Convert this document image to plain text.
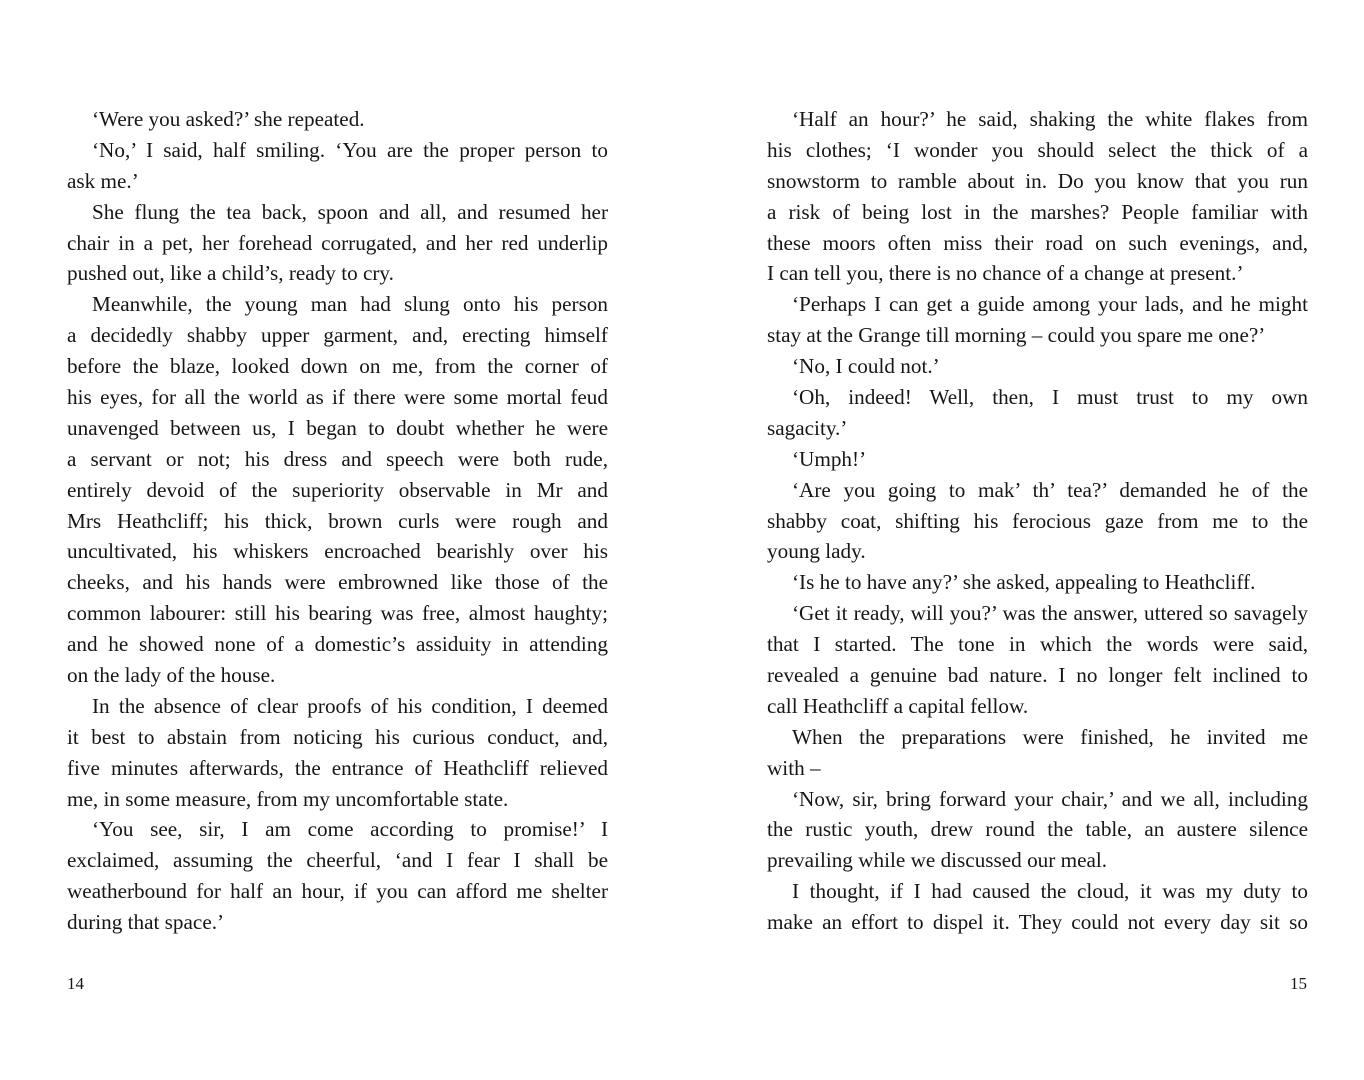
‘Were you asked?’ she repeated.
‘No,’ I said, half smiling. ‘You are the proper person to
ask me.’
She flung the tea back, spoon and all, and resumed her
chair in a pet, her forehead corrugated, and her red underlip
pushed out, like a child’s, ready to cry.
Meanwhile, the young man had slung onto his person
a decidedly shabby upper garment, and, erecting himself
before the blaze, looked down on me, from the corner of
his eyes, for all the world as if there were some mortal feud
unavenged between us, I began to doubt whether he were
a servant or not; his dress and speech were both rude,
entirely devoid of the superiority observable in Mr and
Mrs Heathcliff; his thick, brown curls were rough and
uncultivated, his whiskers encroached bearishly over his
cheeks, and his hands were embrowned like those of the
common labourer: still his bearing was free, almost haughty;
and he showed none of a domestic’s assiduity in attending
on the lady of the house.
In the absence of clear proofs of his condition, I deemed
it best to abstain from noticing his curious conduct, and,
five minutes afterwards, the entrance of Heathcliff relieved
me, in some measure, from my uncomfortable state.
‘You see, sir, I am come according to promise!’ I
exclaimed, assuming the cheerful, ‘and I fear I shall be
weatherbound for half an hour, if you can afford me shelter
during that space.’
‘Half an hour?’ he said, shaking the white flakes from
his clothes; ‘I wonder you should select the thick of a
snowstorm to ramble about in. Do you know that you run
a risk of being lost in the marshes? People familiar with
these moors often miss their road on such evenings, and,
I can tell you, there is no chance of a change at present.’
‘Perhaps I can get a guide among your lads, and he might
stay at the Grange till morning – could you spare me one?’
‘No, I could not.’
‘Oh, indeed! Well, then, I must trust to my own
sagacity.’
‘Umph!’
‘Are you going to mak’ th’ tea?’ demanded he of the
shabby coat, shifting his ferocious gaze from me to the
young lady.
‘Is he to have any?’ she asked, appealing to Heathcliff.
‘Get it ready, will you?’ was the answer, uttered so savagely
that I started. The tone in which the words were said,
revealed a genuine bad nature. I no longer felt inclined to
call Heathcliff a capital fellow.
When the preparations were finished, he invited me
with –
‘Now, sir, bring forward your chair,’ and we all, including
the rustic youth, drew round the table, an austere silence
prevailing while we discussed our meal.
I thought, if I had caused the cloud, it was my duty to
make an effort to dispel it. They could not every day sit so
14	15
